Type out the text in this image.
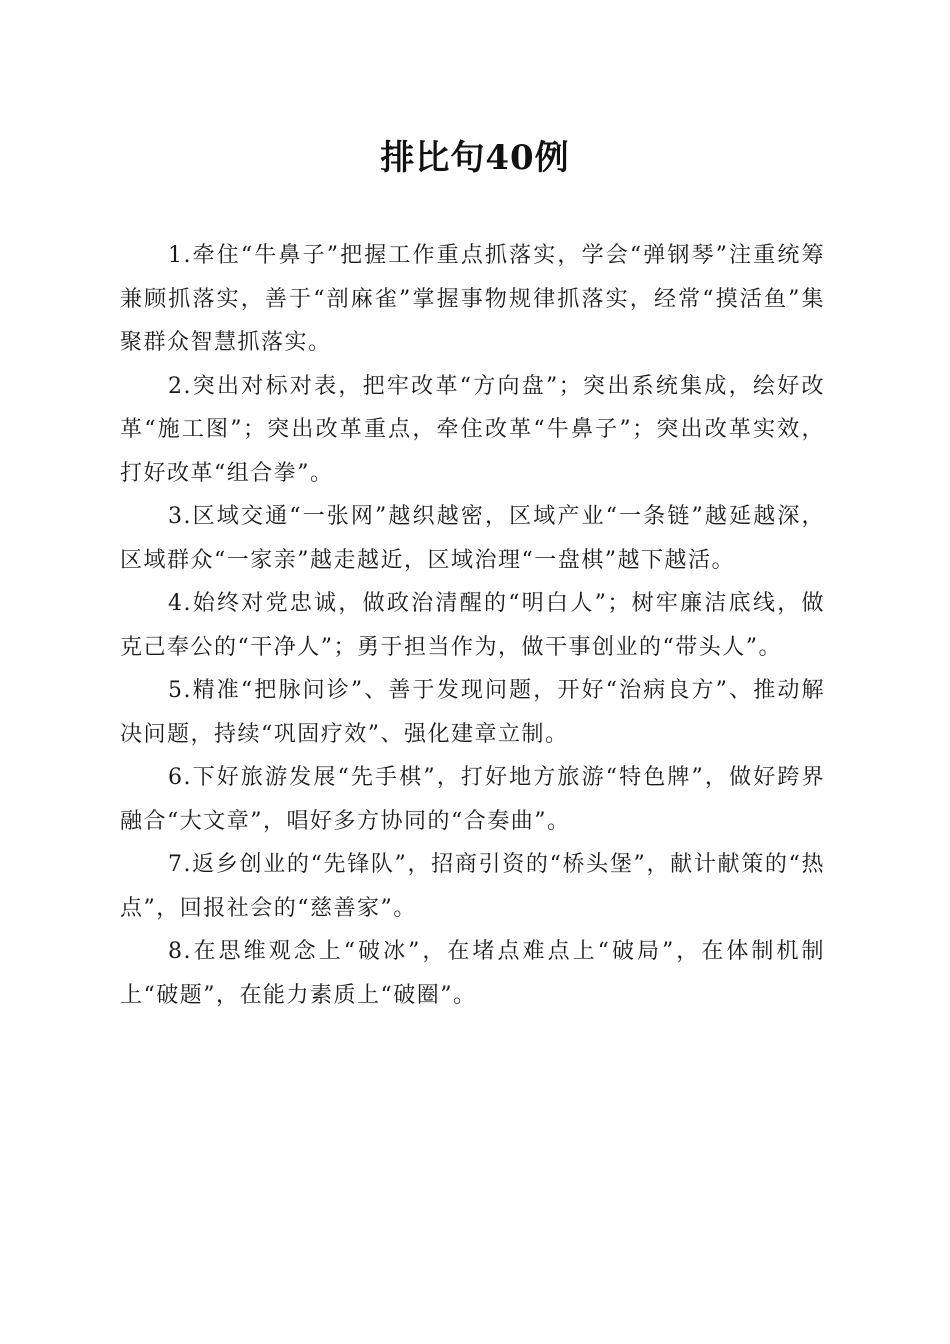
排比句40例

1.牵住“牛鼻子”把握工作重点抓落实，学会“弹钢琴”注重统筹兼顾抓落实，善于“剖麻雀”掌握事物规律抓落实，经常“摸活鱼”集聚群众智慧抓落实。

2.突出对标对表，把牢改革“方向盘”；突出系统集成，绘好改革“施工图”；突出改革重点，牵住改革“牛鼻子”；突出改革实效，打好改革“组合拳”。

3.区域交通“一张网”越织越密，区域产业“一条链”越延越深，区域群众“一家亲”越走越近，区域治理“一盘棋”越下越活。

4.始终对党忠诚，做政治清醒的“明白人”；树牢廉洁底线，做克己奉公的“干净人”；勇于担当作为，做干事创业的“带头人”。

5.精准“把脉问诊”、善于发现问题，开好“治病良方”、推动解决问题，持续“巩固疗效”、强化建章立制。

6.下好旅游发展“先手棋”，打好地方旅游“特色牌”，做好跨界融合“大文章”，唱好多方协同的“合奏曲”。

7.返乡创业的“先锋队”，招商引资的“桥头堡”，献计献策的“热点”，回报社会的“慈善家”。

8.在思维观念上“破冰”，在堵点难点上“破局”，在体制机制上“破题”，在能力素质上“破圈”。
